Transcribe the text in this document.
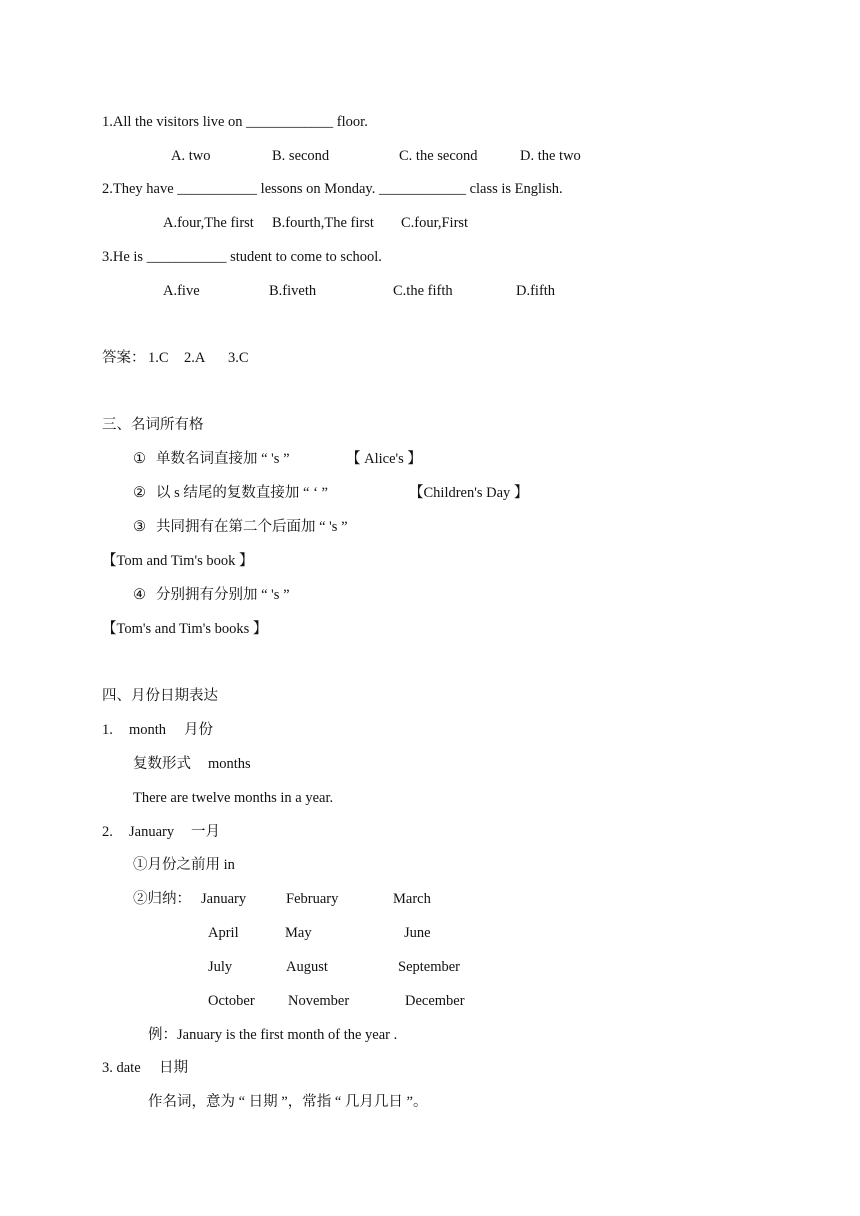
1.All the visitors live on ____________ floor.
A. two	B. second	C. the second	D. the two
2.They have ___________ lessons on Monday. ____________ class is English.
A.four,The first B.fourth,The first C.four,First
3.He is ___________ student to come to school.
A.five	B.fiveth	C.the fifth	D.fifth
答案： 1.C 2.A 3.C
三、名词所有格
① 单数名词直接加 “ 's ”	【 Alice's 】
② 以 s 结尾的复数直接加 “ ‘ ”	【Children's Day 】
③ 共同拥有在第二个后面加 “ 's ”
【Tom and Tim's book 】
④ 分别拥有分别加 “ 's ”
【Tom's and Tim's books 】
四、月份日期表达
1. month 月份
复数形式 months
There are twelve months in a year.
2. January 一月
①月份之前用 in
②归纳： January	February	March
April	May	June
July	August	September
October November	December
例：January is the first month of the year .
3. date 日期
作名词，意为 “ 日期 ”，常指 “ 几月几日 ”。
